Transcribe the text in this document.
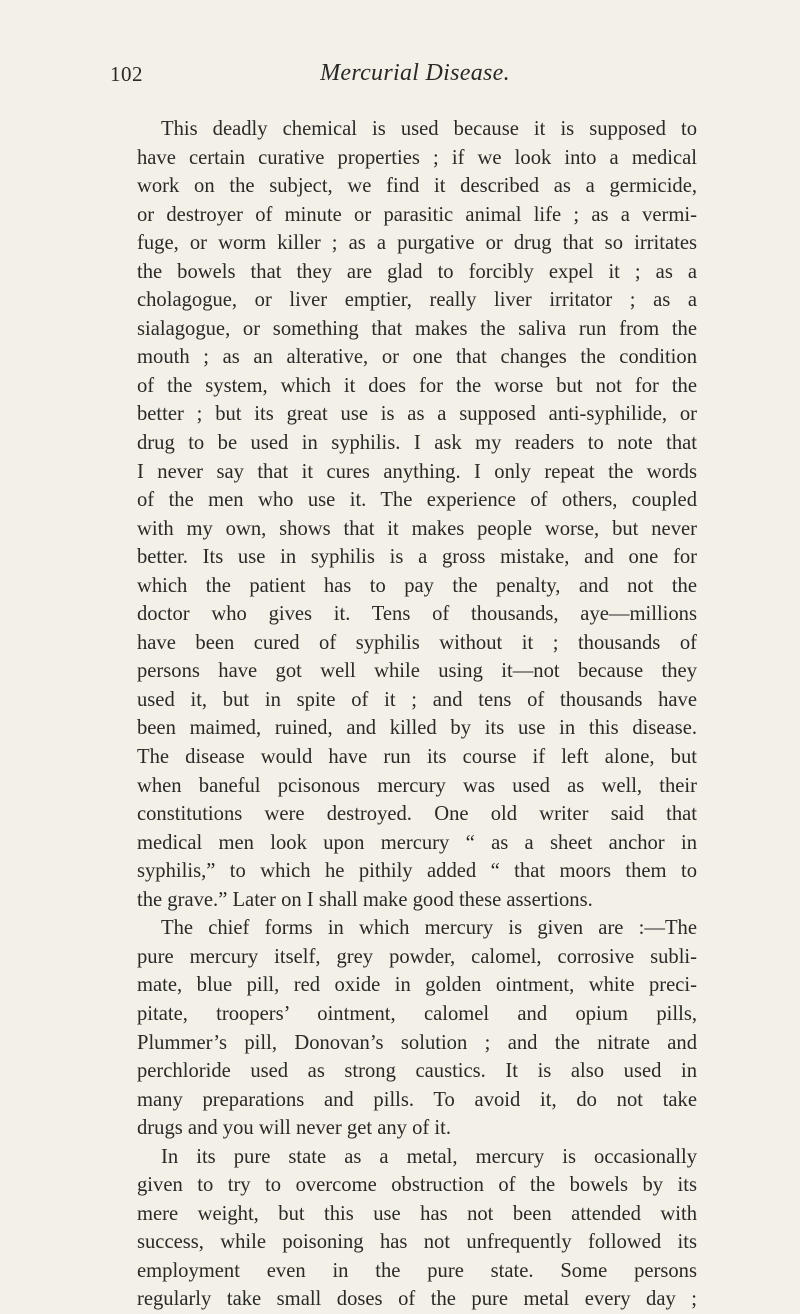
102	Mercurial Disease.
This deadly chemical is used because it is supposed to
have certain curative properties ; if we look into a medical
work on the subject, we find it described as a germicide,
or destroyer of minute or parasitic animal life ; as a vermi-
fuge, or worm killer ; as a purgative or drug that so irritates
the bowels that they are glad to forcibly expel it ; as a
cholagogue, or liver emptier, really liver irritator ; as a
sialagogue, or something that makes the saliva run from the
mouth ; as an alterative, or one that changes the condition
of the system, which it does for the worse but not for the
better ; but its great use is as a supposed anti-syphilide, or
drug to be used in syphilis. I ask my readers to note that
I never say that it cures anything. I only repeat the words
of the men who use it. The experience of others, coupled
with my own, shows that it makes people worse, but never
better. Its use in syphilis is a gross mistake, and one for
which the patient has to pay the penalty, and not the
doctor who gives it. Tens of thousands, aye—millions
have been cured of syphilis without it ; thousands of
persons have got well while using it—not because they
used it, but in spite of it ; and tens of thousands have
been maimed, ruined, and killed by its use in this disease.
The disease would have run its course if left alone, but
when baneful pcisonous mercury was used as well, their
constitutions were destroyed. One old writer said that
medical men look upon mercury “ as a sheet anchor in
syphilis,” to which he pithily added “ that moors them to
the grave.” Later on I shall make good these assertions.
The chief forms in which mercury is given are :—The
pure mercury itself, grey powder, calomel, corrosive subli-
mate, blue pill, red oxide in golden ointment, white preci-
pitate, troopers’ ointment, calomel and opium pills,
Plummer’s pill, Donovan’s solution ; and the nitrate and
perchloride used as strong caustics. It is also used in
many preparations and pills. To avoid it, do not take
drugs and you will never get any of it.
In its pure state as a metal, mercury is occasionally
given to try to overcome obstruction of the bowels by its
mere weight, but this use has not been attended with
success, while poisoning has not unfrequently followed its
employment even in the pure state. Some persons
regularly take small doses of the pure metal every day ;
